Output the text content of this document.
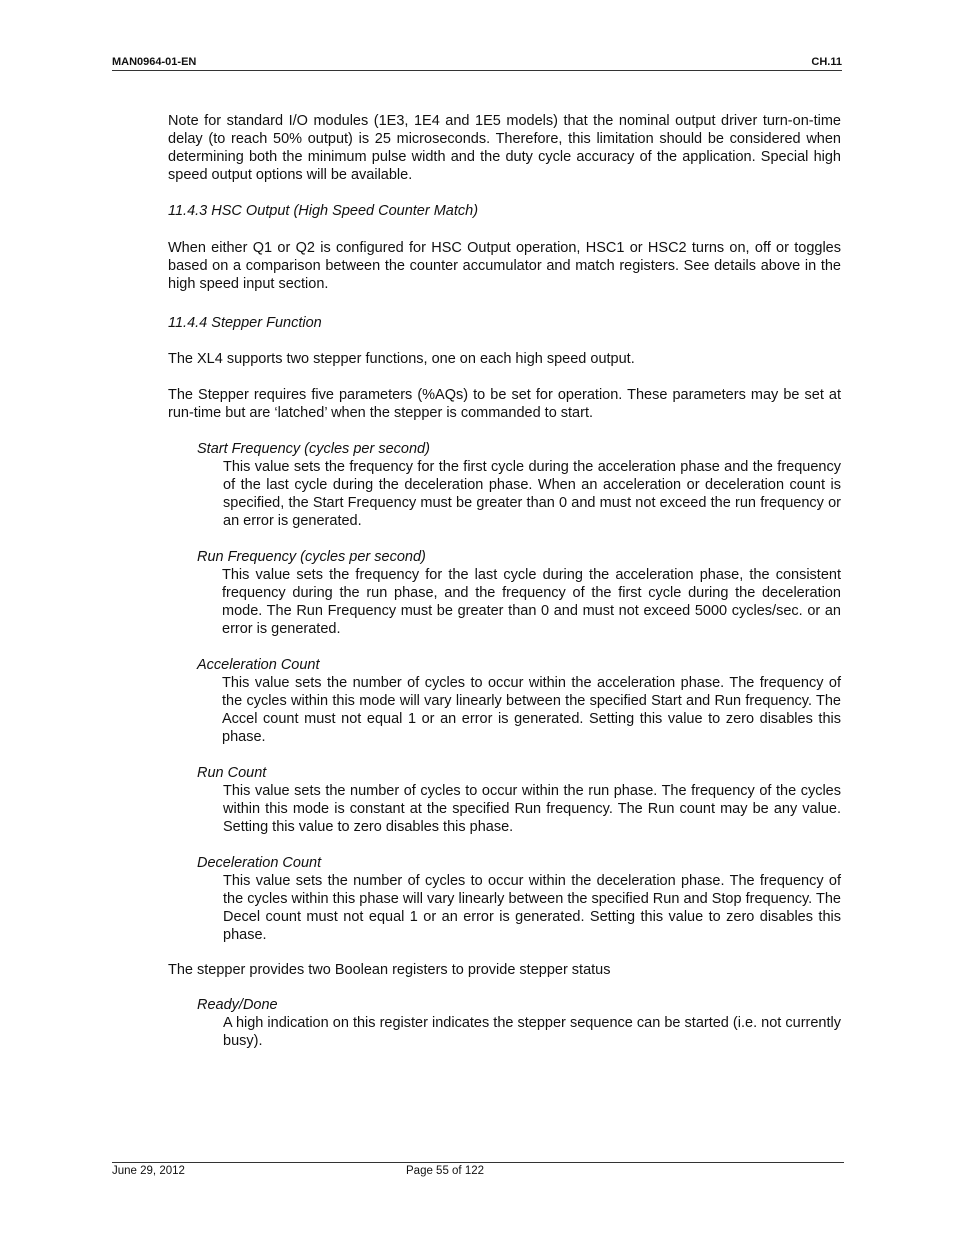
MAN0964-01-EN	CH.11

Note for standard I/O modules (1E3, 1E4 and 1E5 models) that the nominal output driver turn-on-time delay (to reach 50% output) is 25 microseconds. Therefore, this limitation should be considered when determining both the minimum pulse width and the duty cycle accuracy of the application. Special high speed output options will be available.

11.4.3 HSC Output (High Speed Counter Match)

When either Q1 or Q2 is configured for HSC Output operation, HSC1 or HSC2 turns on, off or toggles based on a comparison between the counter accumulator and match registers. See details above in the high speed input section.

11.4.4 Stepper Function

The XL4 supports two stepper functions, one on each high speed output.

The Stepper requires five parameters (%AQs) to be set for operation. These parameters may be set at run-time but are ‘latched’ when the stepper is commanded to start.

Start Frequency (cycles per second)
This value sets the frequency for the first cycle during the acceleration phase and the frequency of the last cycle during the deceleration phase. When an acceleration or deceleration count is specified, the Start Frequency must be greater than 0 and must not exceed the run frequency or an error is generated.
Run Frequency (cycles per second)
This value sets the frequency for the last cycle during the acceleration phase, the consistent frequency during the run phase, and the frequency of the first cycle during the deceleration mode. The Run Frequency must be greater than 0 and must not exceed 5000 cycles/sec. or an error is generated.
Acceleration Count
This value sets the number of cycles to occur within the acceleration phase. The frequency of the cycles within this mode will vary linearly between the specified Start and Run frequency. The Accel count must not equal 1 or an error is generated. Setting this value to zero disables this phase.
Run Count
This value sets the number of cycles to occur within the run phase. The frequency of the cycles within this mode is constant at the specified Run frequency. The Run count may be any value. Setting this value to zero disables this phase.
Deceleration Count
This value sets the number of cycles to occur within the deceleration phase. The frequency of the cycles within this phase will vary linearly between the specified Run and Stop frequency. The Decel count must not equal 1 or an error is generated. Setting this value to zero disables this phase.

The stepper provides two Boolean registers to provide stepper status

Ready/Done
A high indication on this register indicates the stepper sequence can be started (i.e. not currently busy).
June 29, 2012	Page 55 of 122
